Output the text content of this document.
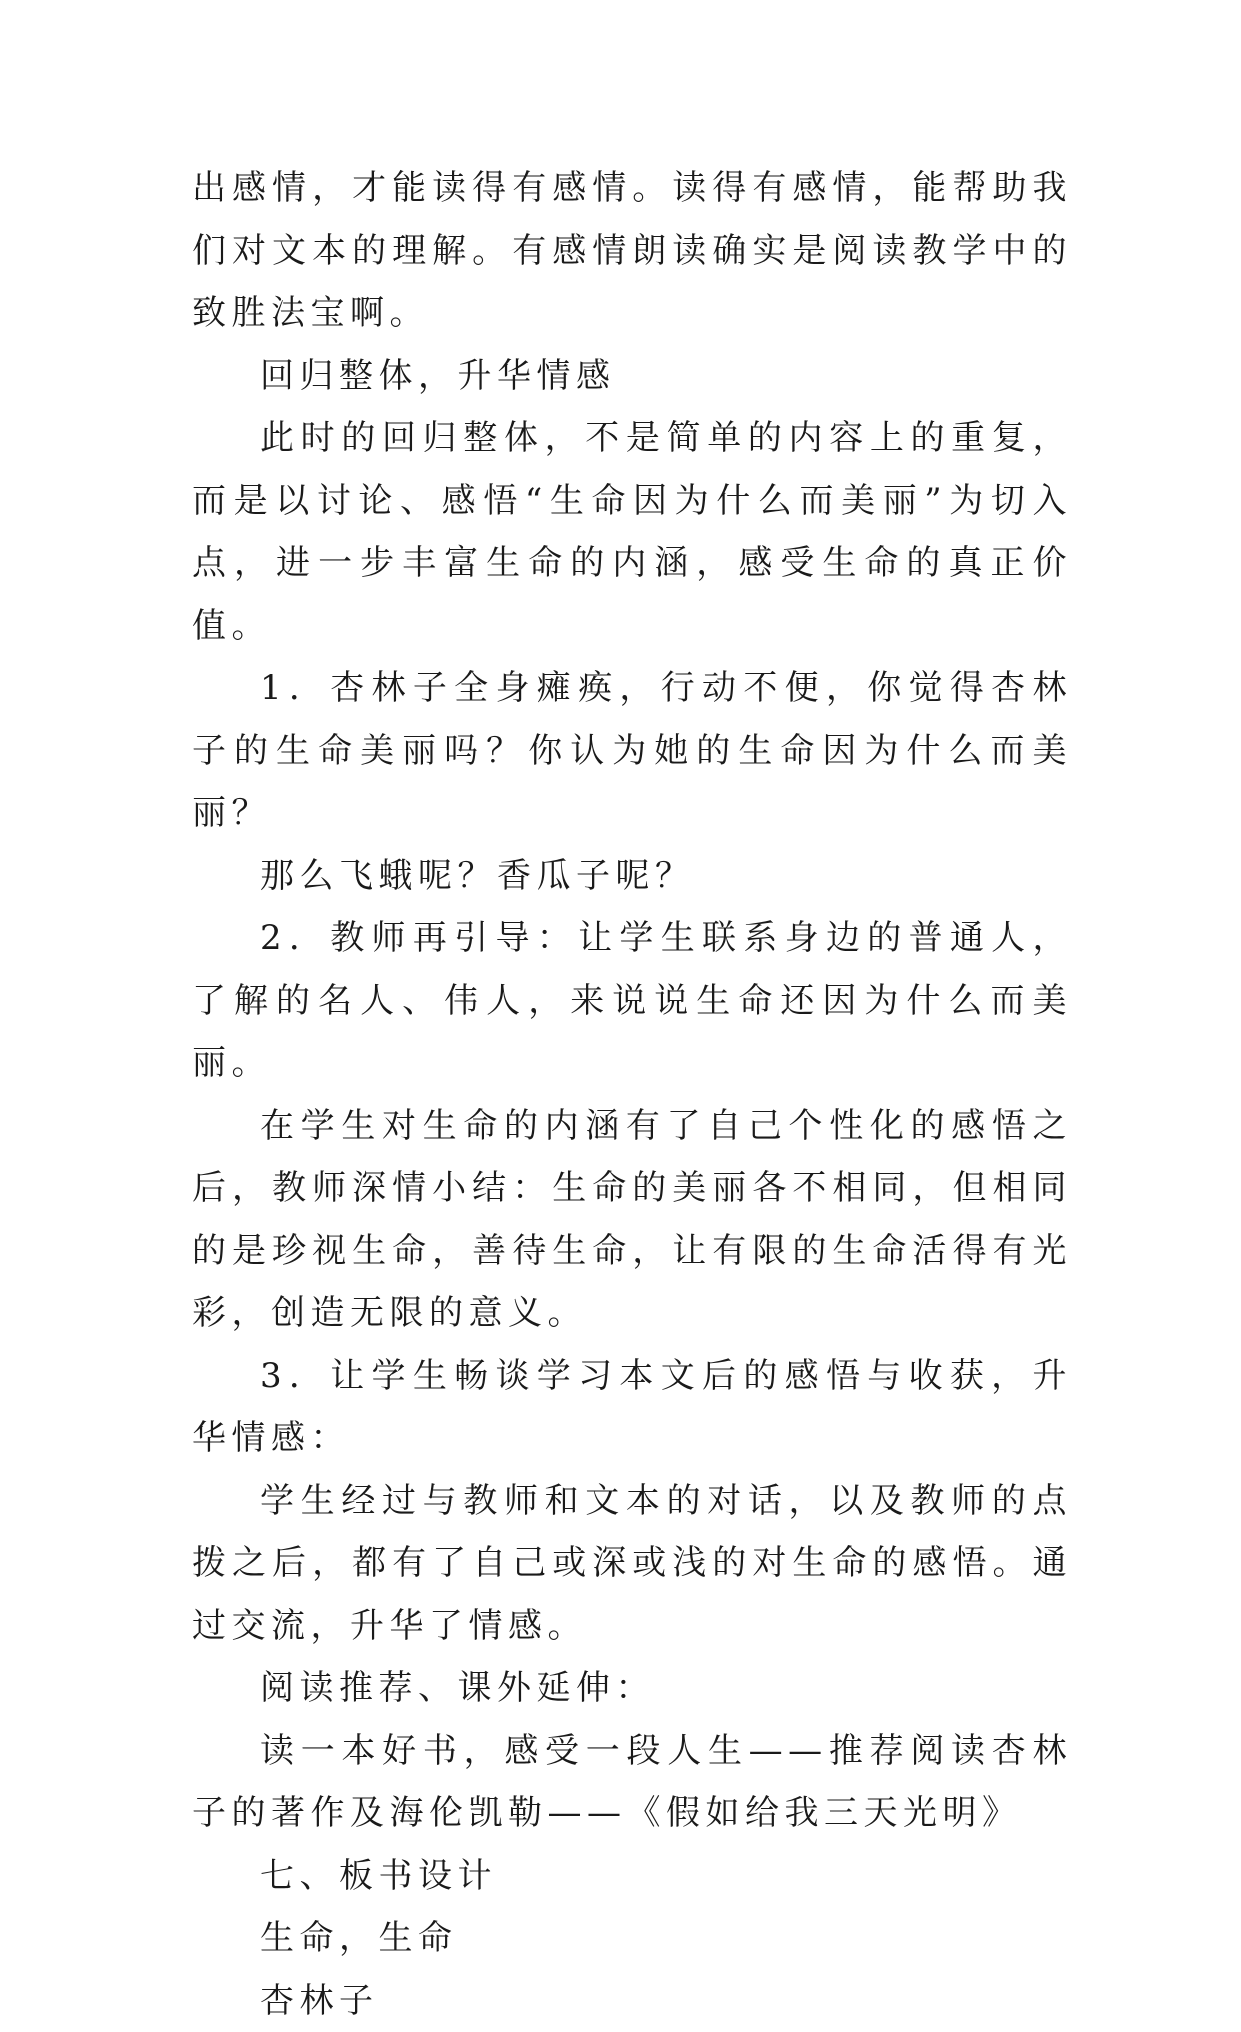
出感情，才能读得有感情。读得有感情，能帮助我们对文本的理解。有感情朗读确实是阅读教学中的致胜法宝啊。

回归整体，升华情感

此时的回归整体，不是简单的内容上的重复，而是以讨论、感悟“生命因为什么而美丽”为切入点，进一步丰富生命的内涵，感受生命的真正价值。

1．杏林子全身瘫痪，行动不便，你觉得杏林子的生命美丽吗？你认为她的生命因为什么而美丽？

那么飞蛾呢？香瓜子呢？

2．教师再引导：让学生联系身边的普通人，了解的名人、伟人，来说说生命还因为什么而美丽。

在学生对生命的内涵有了自己个性化的感悟之后，教师深情小结：生命的美丽各不相同，但相同的是珍视生命，善待生命，让有限的生命活得有光彩，创造无限的意义。

3．让学生畅谈学习本文后的感悟与收获，升华情感：

学生经过与教师和文本的对话，以及教师的点拨之后，都有了自己或深或浅的对生命的感悟。通过交流，升华了情感。

阅读推荐、课外延伸：

读一本好书，感受一段人生——推荐阅读杏林子的著作及海伦凯勒——《假如给我三天光明》

七、板书设计

生命，生命

杏林子
